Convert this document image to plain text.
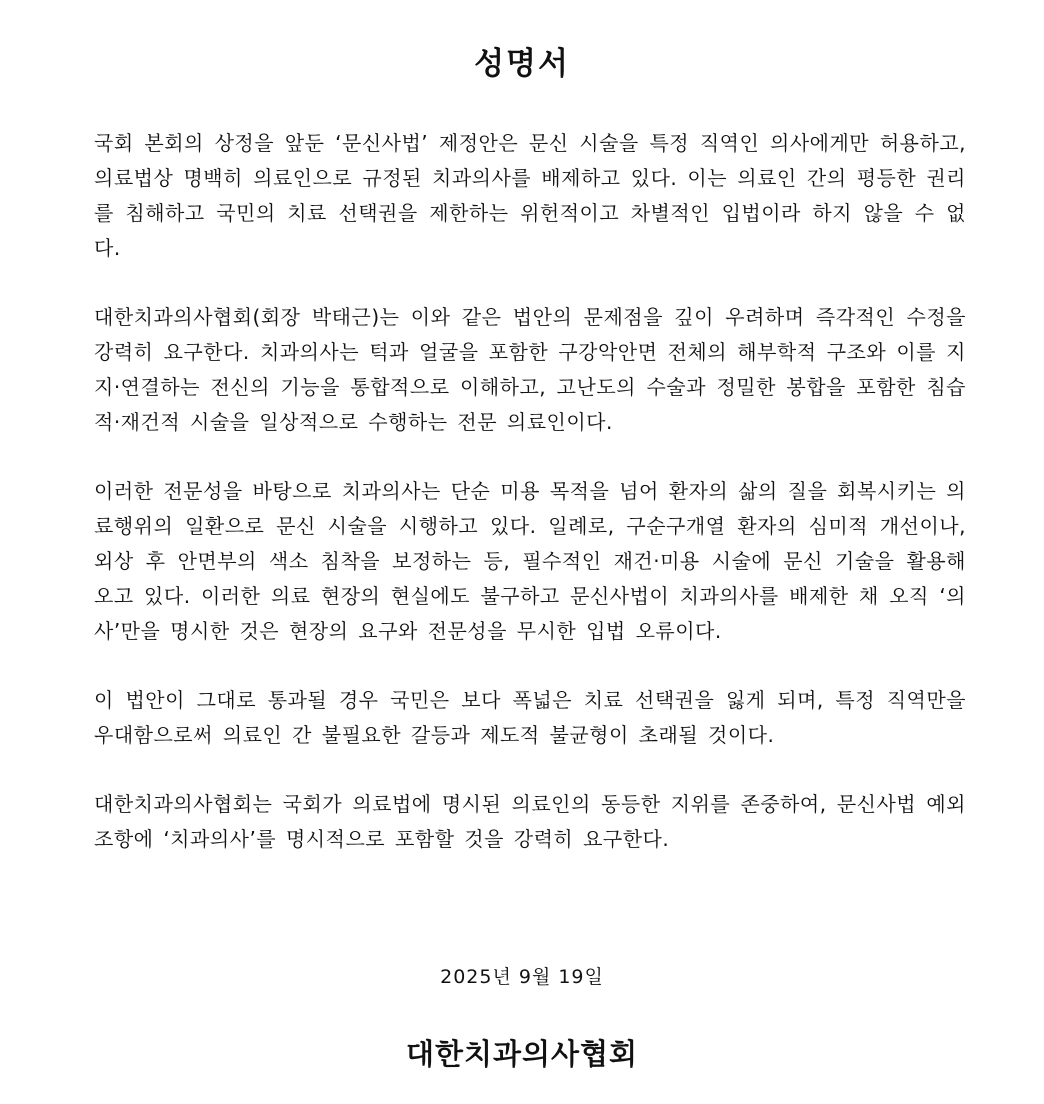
성명서

국회 본회의 상정을 앞둔 ‘문신사법’ 제정안은 문신 시술을 특정 직역인 의사에게만 허용하고, 의료법상 명백히 의료인으로 규정된 치과의사를 배제하고 있다. 이는 의료인 간의 평등한 권리를 침해하고 국민의 치료 선택권을 제한하는 위헌적이고 차별적인 입법이라 하지 않을 수 없다.

대한치과의사협회(회장 박태근)는 이와 같은 법안의 문제점을 깊이 우려하며 즉각적인 수정을 강력히 요구한다. 치과의사는 턱과 얼굴을 포함한 구강악안면 전체의 해부학적 구조와 이를 지지·연결하는 전신의 기능을 통합적으로 이해하고, 고난도의 수술과 정밀한 봉합을 포함한 침습적·재건적 시술을 일상적으로 수행하는 전문 의료인이다.

이러한 전문성을 바탕으로 치과의사는 단순 미용 목적을 넘어 환자의 삶의 질을 회복시키는 의료행위의 일환으로 문신 시술을 시행하고 있다. 일례로, 구순구개열 환자의 심미적 개선이나, 외상 후 안면부의 색소 침착을 보정하는 등, 필수적인 재건·미용 시술에 문신 기술을 활용해 오고 있다. 이러한 의료 현장의 현실에도 불구하고 문신사법이 치과의사를 배제한 채 오직 ‘의사’만을 명시한 것은 현장의 요구와 전문성을 무시한 입법 오류이다.

이 법안이 그대로 통과될 경우 국민은 보다 폭넓은 치료 선택권을 잃게 되며, 특정 직역만을 우대함으로써 의료인 간 불필요한 갈등과 제도적 불균형이 초래될 것이다.

대한치과의사협회는 국회가 의료법에 명시된 의료인의 동등한 지위를 존중하여, 문신사법 예외 조항에 ‘치과의사’를 명시적으로 포함할 것을 강력히 요구한다.

2025년 9월 19일

대한치과의사협회
